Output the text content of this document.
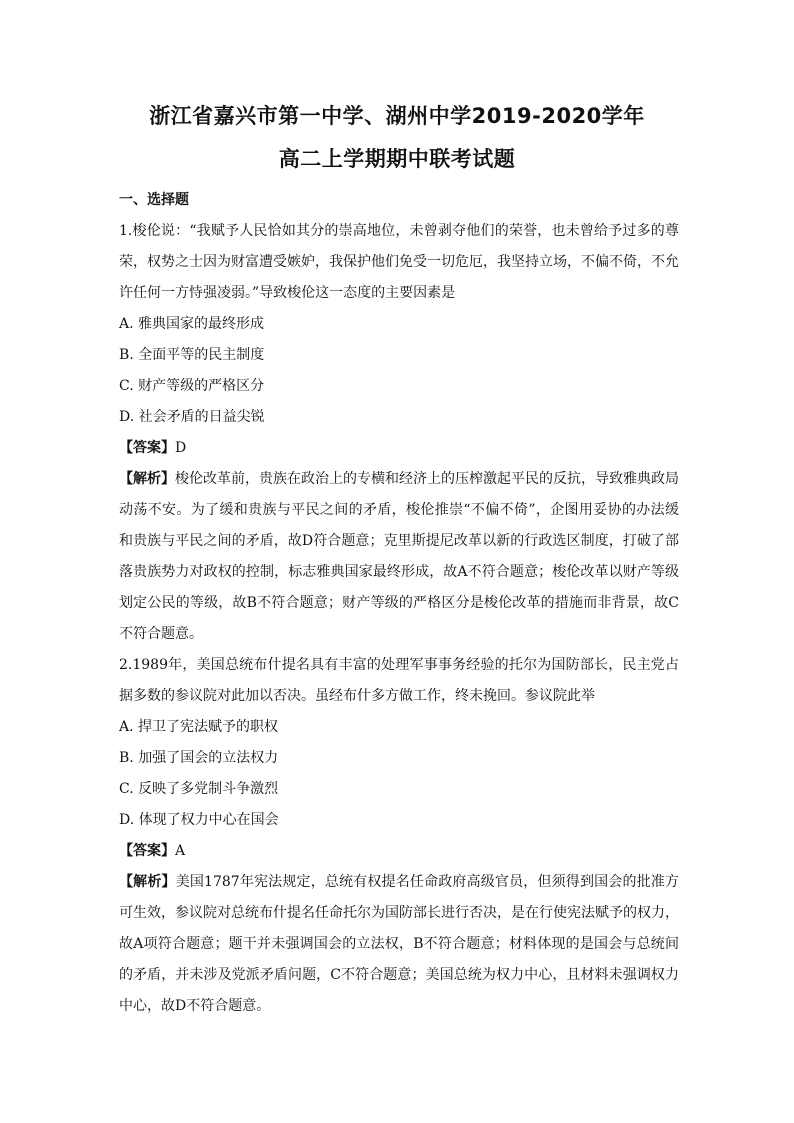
浙江省嘉兴市第一中学、湖州中学2019-2020学年
高二上学期期中联考试题
一、选择题
1.梭伦说：“我赋予人民恰如其分的崇高地位，未曾剥夺他们的荣誉，也未曾给予过多的尊荣，权势之士因为财富遭受嫉妒，我保护他们免受一切危厄，我坚持立场，不偏不倚，不允许任何一方恃强凌弱。”导致梭伦这一态度的主要因素是
A. 雅典国家的最终形成
B. 全面平等的民主制度
C. 财产等级的严格区分
D. 社会矛盾的日益尖锐
【答案】D
【解析】梭伦改革前，贵族在政治上的专横和经济上的压榨激起平民的反抗，导致雅典政局动荡不安。为了缓和贵族与平民之间的矛盾，梭伦推崇“不偏不倚”，企图用妥协的办法缓和贵族与平民之间的矛盾，故D符合题意；克里斯提尼改革以新的行政选区制度，打破了部落贵族势力对政权的控制，标志雅典国家最终形成，故A不符合题意；梭伦改革以财产等级划定公民的等级，故B不符合题意；财产等级的严格区分是梭伦改革的措施而非背景，故C不符合题意。
2.1989年，美国总统布什提名具有丰富的处理军事事务经验的托尔为国防部长，民主党占据多数的参议院对此加以否决。虽经布什多方做工作，终未挽回。参议院此举
A. 捍卫了宪法赋予的职权
B. 加强了国会的立法权力
C. 反映了多党制斗争激烈
D. 体现了权力中心在国会
【答案】A
【解析】美国1787年宪法规定，总统有权提名任命政府高级官员，但须得到国会的批准方可生效，参议院对总统布什提名任命托尔为国防部长进行否决，是在行使宪法赋予的权力，故A项符合题意；题干并未强调国会的立法权，B不符合题意；材料体现的是国会与总统间的矛盾，并未涉及党派矛盾问题，C不符合题意；美国总统为权力中心，且材料未强调权力中心，故D不符合题意。
